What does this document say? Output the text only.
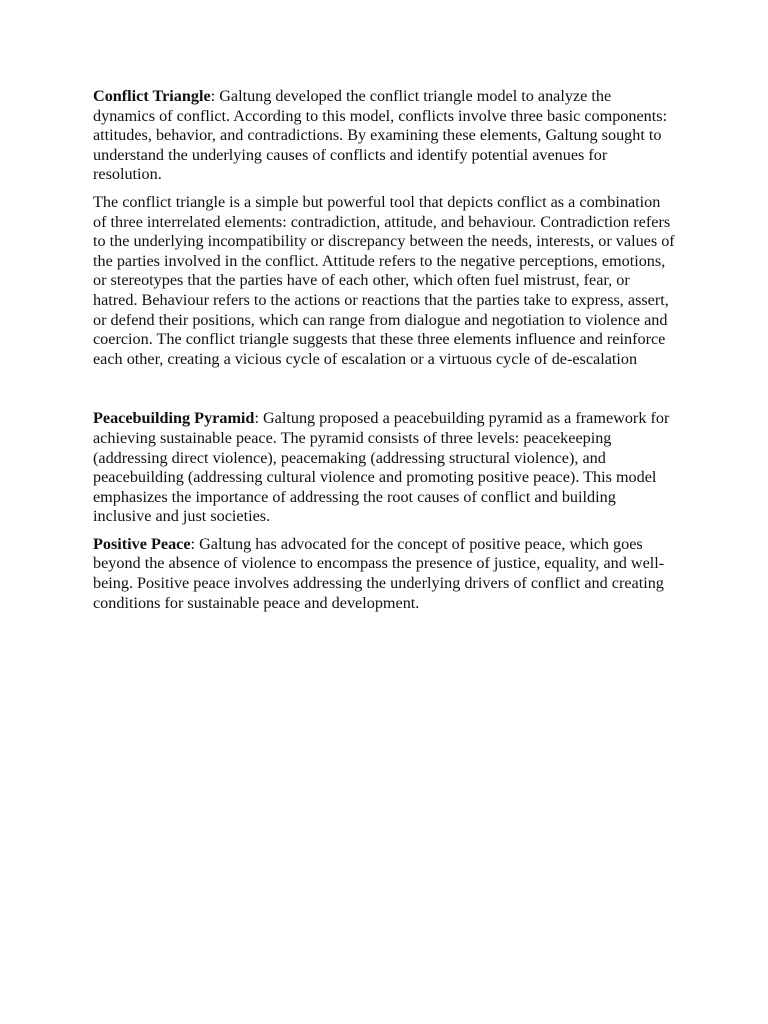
Conflict Triangle: Galtung developed the conflict triangle model to analyze the dynamics of conflict. According to this model, conflicts involve three basic components: attitudes, behavior, and contradictions. By examining these elements, Galtung sought to understand the underlying causes of conflicts and identify potential avenues for resolution.

The conflict triangle is a simple but powerful tool that depicts conflict as a combination of three interrelated elements: contradiction, attitude, and behaviour. Contradiction refers to the underlying incompatibility or discrepancy between the needs, interests, or values of the parties involved in the conflict. Attitude refers to the negative perceptions, emotions, or stereotypes that the parties have of each other, which often fuel mistrust, fear, or hatred. Behaviour refers to the actions or reactions that the parties take to express, assert, or defend their positions, which can range from dialogue and negotiation to violence and coercion. The conflict triangle suggests that these three elements influence and reinforce each other, creating a vicious cycle of escalation or a virtuous cycle of de-escalation

Peacebuilding Pyramid: Galtung proposed a peacebuilding pyramid as a framework for achieving sustainable peace. The pyramid consists of three levels: peacekeeping (addressing direct violence), peacemaking (addressing structural violence), and peacebuilding (addressing cultural violence and promoting positive peace). This model emphasizes the importance of addressing the root causes of conflict and building inclusive and just societies.

Positive Peace: Galtung has advocated for the concept of positive peace, which goes beyond the absence of violence to encompass the presence of justice, equality, and well-being. Positive peace involves addressing the underlying drivers of conflict and creating conditions for sustainable peace and development.
